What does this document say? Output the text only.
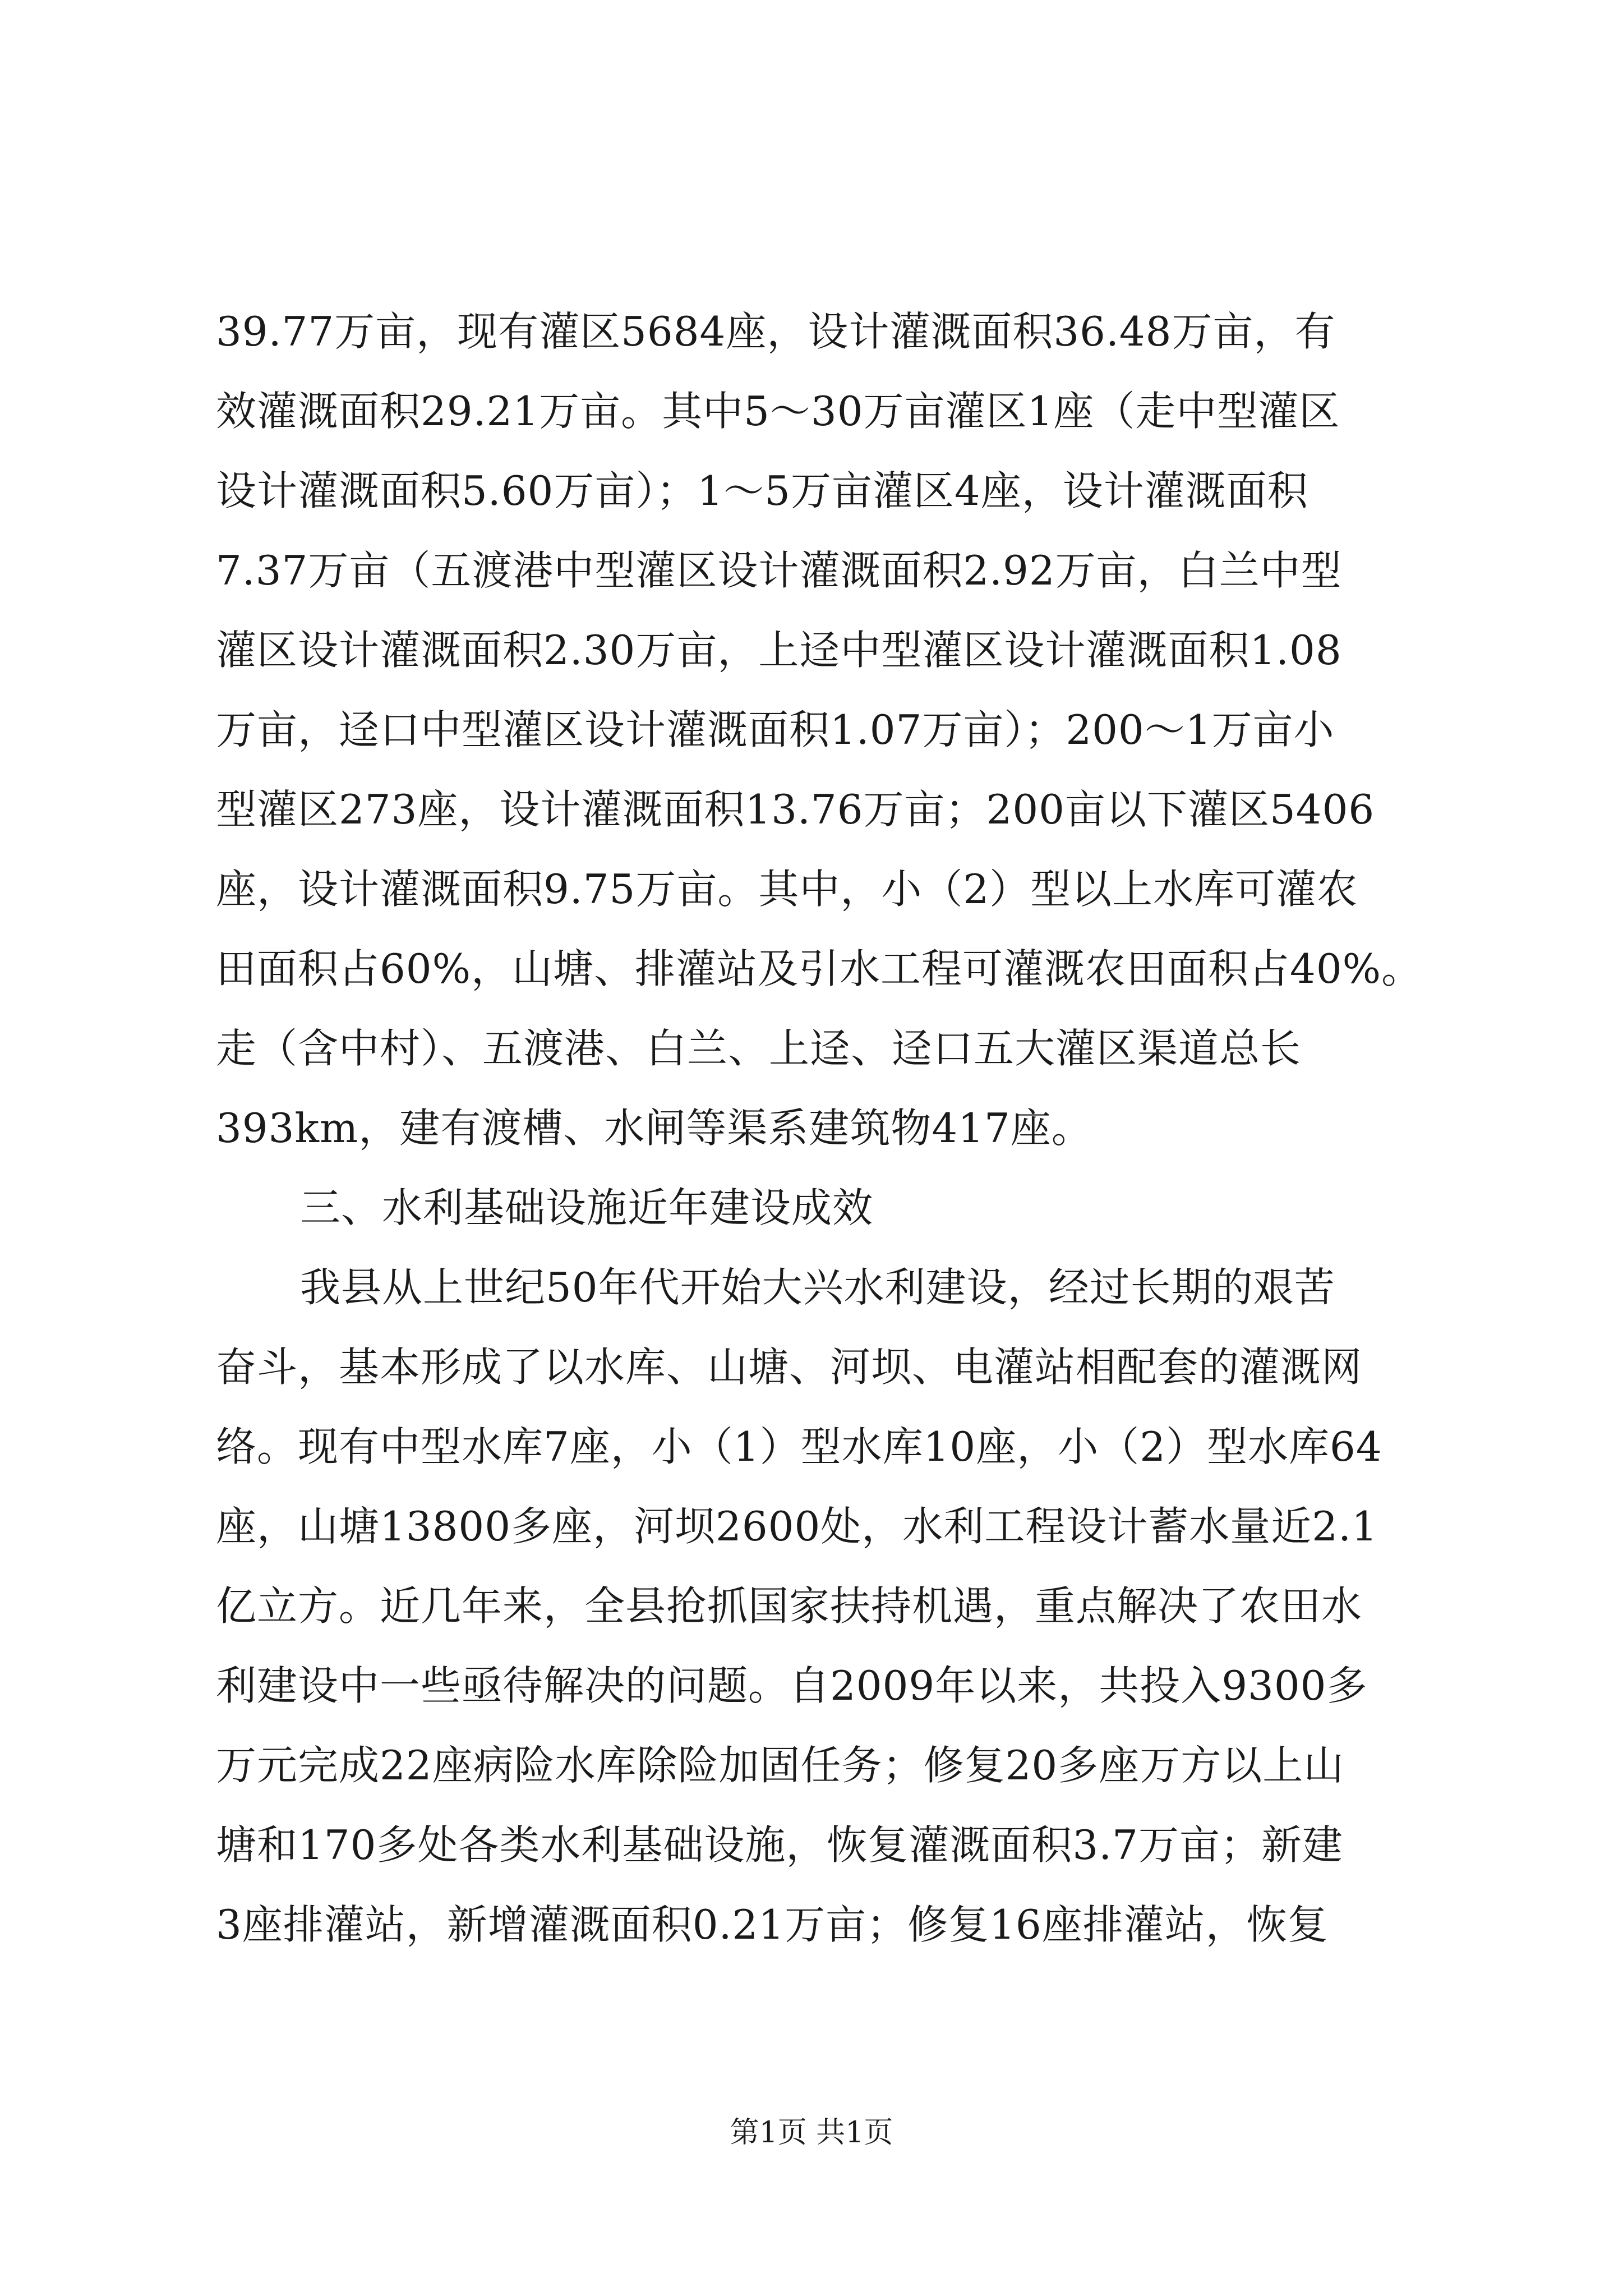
39.77万亩，现有灌区5684座，设计灌溉面积36.48万亩，有
效灌溉面积29.21万亩。其中5～30万亩灌区1座（走中型灌区
设计灌溉面积5.60万亩）；1～5万亩灌区4座，设计灌溉面积
7.37万亩（五渡港中型灌区设计灌溉面积2.92万亩，白兰中型
灌区设计灌溉面积2.30万亩，上迳中型灌区设计灌溉面积1.08
万亩，迳口中型灌区设计灌溉面积1.07万亩）；200～1万亩小
型灌区273座，设计灌溉面积13.76万亩；200亩以下灌区5406
座，设计灌溉面积9.75万亩。其中，小（2）型以上水库可灌农
田面积占60%，山塘、排灌站及引水工程可灌溉农田面积占40%。
走（含中村）、五渡港、白兰、上迳、迳口五大灌区渠道总长
393km，建有渡槽、水闸等渠系建筑物417座。
三、水利基础设施近年建设成效
我县从上世纪50年代开始大兴水利建设，经过长期的艰苦
奋斗，基本形成了以水库、山塘、河坝、电灌站相配套的灌溉网
络。现有中型水库7座，小（1）型水库10座，小（2）型水库64
座，山塘13800多座，河坝2600处，水利工程设计蓄水量近2.1
亿立方。近几年来，全县抢抓国家扶持机遇，重点解决了农田水
利建设中一些亟待解决的问题。自2009年以来，共投入9300多
万元完成22座病险水库除险加固任务；修复20多座万方以上山
塘和170多处各类水利基础设施，恢复灌溉面积3.7万亩；新建
3座排灌站，新增灌溉面积0.21万亩；修复16座排灌站，恢复
第1页 共1页
